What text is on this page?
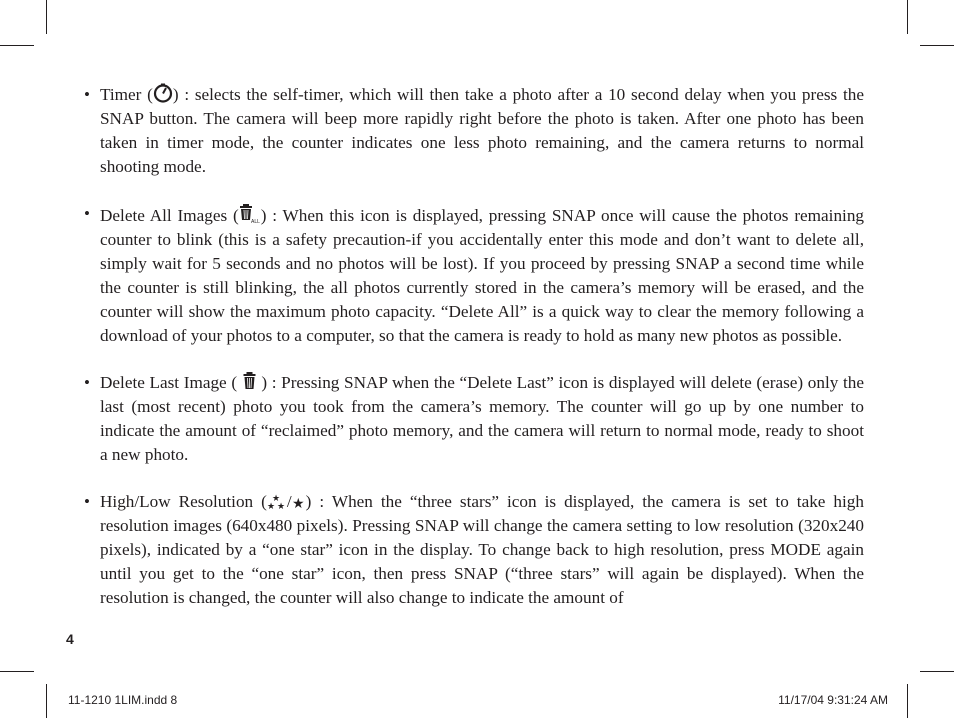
• Timer ( ) : selects the self-timer, which will then take a photo after a 10 second delay when you press the SNAP button. The camera will beep more rapidly right before the photo is taken. After one photo has been taken in timer mode, the counter indicates one less photo remaining, and the camera returns to normal shooting mode.

• Delete All Images ( ALL ) : When this icon is displayed, pressing SNAP once will cause the photos remaining counter to blink (this is a safety precaution-if you accidentally enter this mode and don’t want to delete all, simply wait for 5 seconds and no photos will be lost). If you proceed by pressing SNAP a second time while the counter is still blinking, the all photos currently stored in the camera’s memory will be erased, and the counter will show the maximum photo capacity. “Delete All” is a quick way to clear the memory following a download of your photos to a computer, so that the camera is ready to hold as many new photos as possible.

• Delete Last Image (  ) : Pressing SNAP when the “Delete Last” icon is displayed will delete (erase) only the last (most recent) photo you took from the camera’s memory. The counter will go up by one number to indicate the amount of “reclaimed” photo memory, and the camera will return to normal mode, ready to shoot a new photo.

• High/Low Resolution ( ★
★ ★ / ★ ) : When the “three stars” icon is displayed, the camera is set to take high resolution images (640x480 pixels). Pressing SNAP will change the camera setting to low resolution (320x240 pixels), indicated by a “one star” icon in the display. To change back to high resolution, press MODE again until you get to the “one star” icon, then press SNAP (“three stars” will again be displayed). When the resolution is changed, the counter will also change to indicate the amount of

4
11-1210 1LIM.indd 8	11/17/04 9:31:24 AM
